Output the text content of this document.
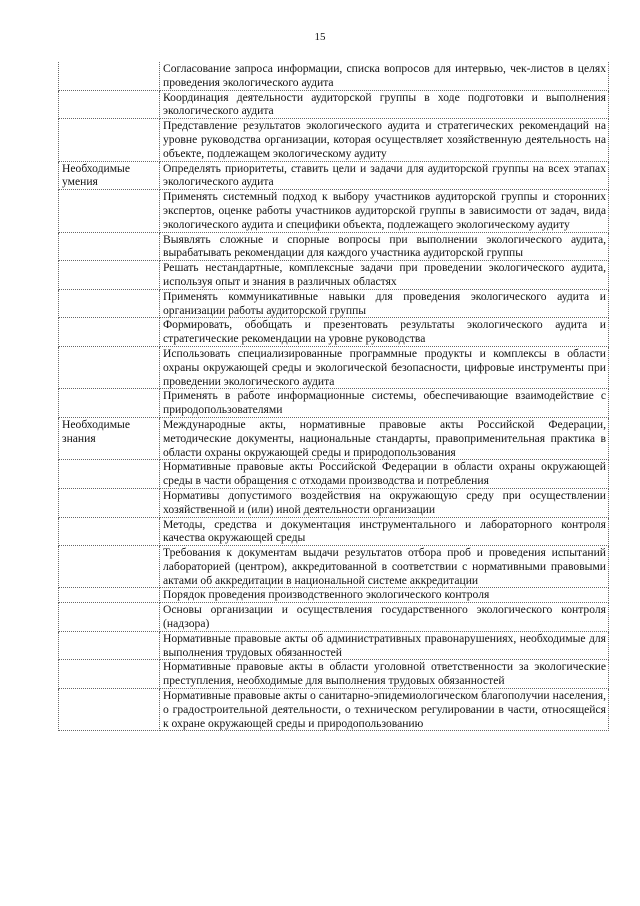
15
	Согласование запроса информации, списка вопросов для интервью, чек-листов в целях проведения экологического аудита
	Координация деятельности аудиторской группы в ходе подготовки и выполнения экологического аудита
	Представление результатов экологического аудита и стратегических рекомендаций на уровне руководства организации, которая осуществляет хозяйственную деятельность на объекте, подлежащем экологическому аудиту
Необходимые умения	Определять приоритеты, ставить цели и задачи для аудиторской группы на всех этапах экологического аудита
	Применять системный подход к выбору участников аудиторской группы и сторонних экспертов, оценке работы участников аудиторской группы в зависимости от задач, вида экологического аудита и специфики объекта, подлежащего экологическому аудиту
	Выявлять сложные и спорные вопросы при выполнении экологического аудита, вырабатывать рекомендации для каждого участника аудиторской группы
	Решать нестандартные, комплексные задачи при проведении экологического аудита, используя опыт и знания в различных областях
	Применять коммуникативные навыки для проведения экологического аудита и организации работы аудиторской группы
	Формировать, обобщать и презентовать результаты экологического аудита и стратегические рекомендации на уровне руководства
	Использовать специализированные программные продукты и комплексы в области охраны окружающей среды и экологической безопасности, цифровые инструменты при проведении экологического аудита
	Применять в работе информационные системы, обеспечивающие взаимодействие с природопользователями
Необходимые знания	Международные акты, нормативные правовые акты Российской Федерации, методические документы, национальные стандарты, правоприменительная практика в области охраны окружающей среды и природопользования
	Нормативные правовые акты Российской Федерации в области охраны окружающей среды в части обращения с отходами производства и потребления
	Нормативы допустимого воздействия на окружающую среду при осуществлении хозяйственной и (или) иной деятельности организации
	Методы, средства и документация инструментального и лабораторного контроля качества окружающей среды
	Требования к документам выдачи результатов отбора проб и проведения испытаний лабораторией (центром), аккредитованной в соответствии с нормативными правовыми актами об аккредитации в национальной системе аккредитации
	Порядок проведения производственного экологического контроля
	Основы организации и осуществления государственного экологического контроля (надзора)
	Нормативные правовые акты об административных правонарушениях, необходимые для выполнения трудовых обязанностей
	Нормативные правовые акты в области уголовной ответственности за экологические преступления, необходимые для выполнения трудовых обязанностей
	Нормативные правовые акты о санитарно-эпидемиологическом благополучии населения, о градостроительной деятельности, о техническом регулировании в части, относящейся к охране окружающей среды и природопользованию
